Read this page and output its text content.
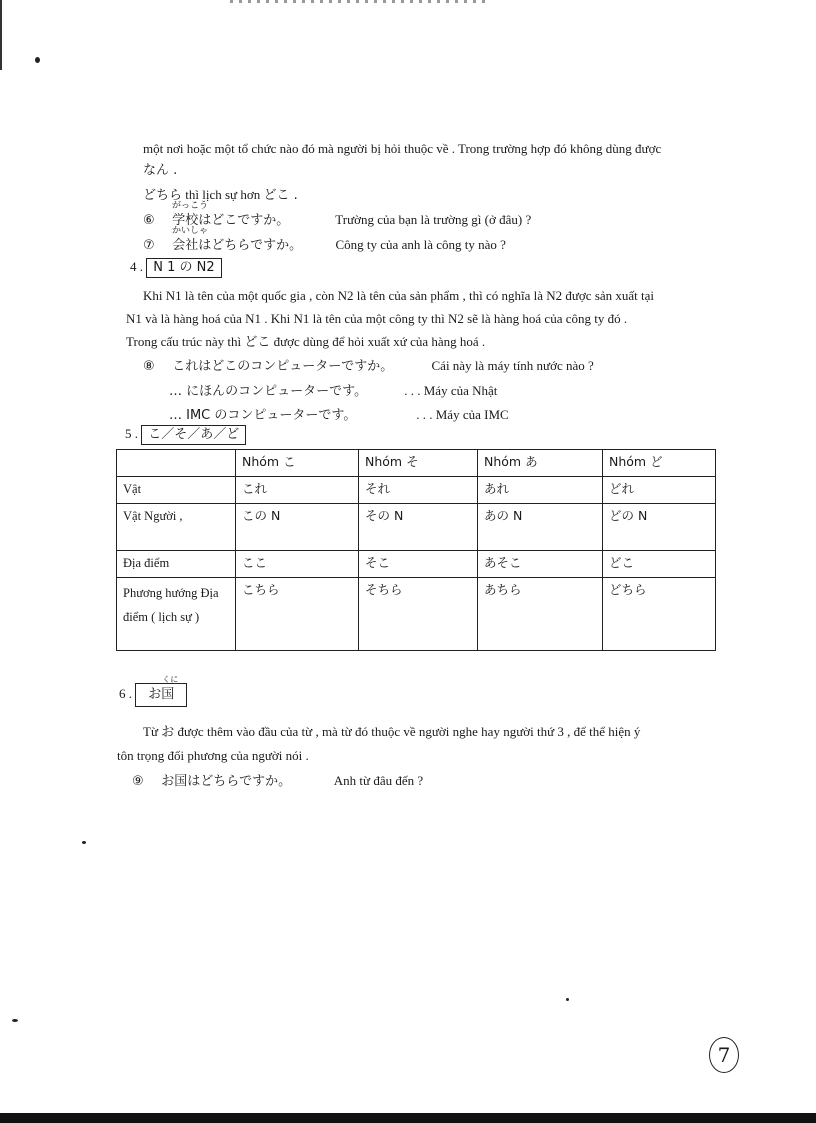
một nơi hoặc một tổ chức nào đó mà người bị hỏi thuộc về . Trong trường hợp đó không dùng được
なん .
どちら thì lịch sự hơn どこ .
がっこう
⑥ 学校はどこですか。	Trường của bạn là trường gì (ở đâu) ?
かいしゃ
⑦ 会社はどちらですか。	Công ty của anh là công ty nào ?
4 . N 1 の N2
Khi N1 là tên của một quốc gia , còn N2 là tên của sản phẩm , thì có nghĩa là N2 được sản xuất tại
N1 và là hàng hoá của N1 . Khi N1 là tên của một công ty thì N2 sẽ là hàng hoá của công ty đó .
Trong cấu trúc này thì どこ được dùng để hỏi xuất xứ của hàng hoá .
⑧ これはどこのコンピューターですか。	Cái này là máy tính nước nào ?
… にほんのコンピューターです。	. . . Máy của Nhật
… IMC のコンピューターです。	. . . Máy của IMC
5 . こ／そ／あ／ど
	Nhóm こ	Nhóm そ	Nhóm あ	Nhóm ど
Vật	これ	それ	あれ	どれ
Vật Người ,	この N	その N	あの N	どの N
Địa điểm	ここ	そこ	あそこ	どこ
Phương hướng Địa điểm ( lịch sự )	こちら	そちら	あちら	どちら
6 .
くに
お国
Từ お được thêm vào đầu của từ , mà từ đó thuộc về người nghe hay người thứ 3 , để thể hiện ý
tôn trọng đối phương của người nói .
⑨ お国はどちらですか。	Anh từ đâu đến ?
7
